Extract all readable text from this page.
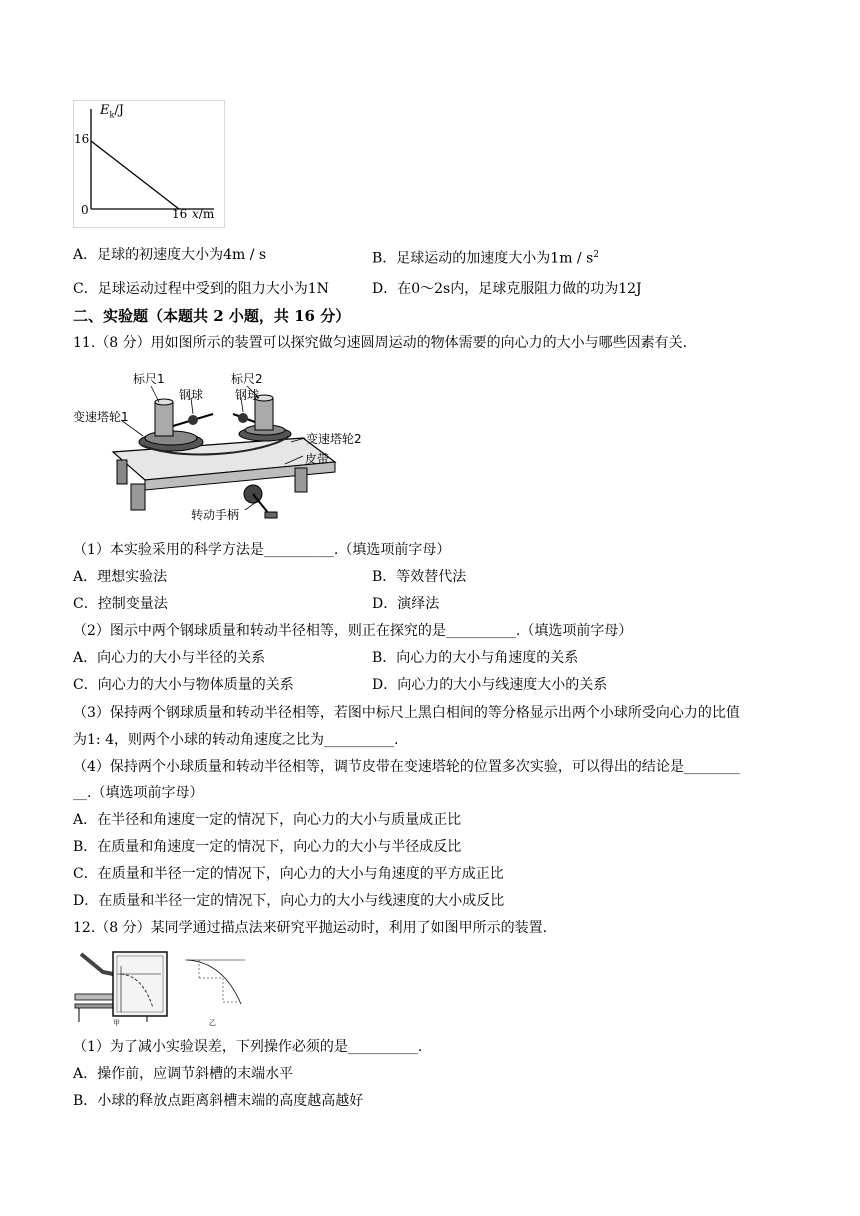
$E_k/J$
16
0	16 x/m
A．足球的初速度大小为4m / s	B．足球运动的加速度大小为$1m / s^2$
C．足球运动过程中受到的阻力大小为1N	D．在0～2s内，足球克服阻力做的功为12J
二、实验题（本题共 2 小题，共 16 分）
11.（8 分）用如图所示的装置可以探究做匀速圆周运动的物体需要的向心力的大小与哪些因素有关.
标尺1	标尺2
钢球	钢球
变速塔轮1
变速塔轮2
皮带
转动手柄
（1）本实验采用的科学方法是__________.（填选项前字母）
A．理想实验法	B．等效替代法
C．控制变量法	D．演绎法
（2）图示中两个钢球质量和转动半径相等，则正在探究的是__________.（填选项前字母）
A．向心力的大小与半径的关系	B．向心力的大小与角速度的关系
C．向心力的大小与物体质量的关系	D．向心力的大小与线速度大小的关系
（3）保持两个钢球质量和转动半径相等，若图中标尺上黑白相间的等分格显示出两个小球所受向心力的比值
为1: 4，则两个小球的转动角速度之比为__________.
（4）保持两个小球质量和转动半径相等，调节皮带在变速塔轮的位置多次实验，可以得出的结论是________
__.（填选项前字母）
A．在半径和角速度一定的情况下，向心力的大小与质量成正比
B．在质量和角速度一定的情况下，向心力的大小与半径成反比
C．在质量和半径一定的情况下，向心力的大小与角速度的平方成正比
D．在质量和半径一定的情况下，向心力的大小与线速度的大小成反比
12.（8 分）某同学通过描点法来研究平抛运动时，利用了如图甲所示的装置.
甲	乙
（1）为了减小实验误差，下列操作必须的是__________.
A．操作前，应调节斜槽的末端水平
B．小球的释放点距离斜槽末端的高度越高越好
